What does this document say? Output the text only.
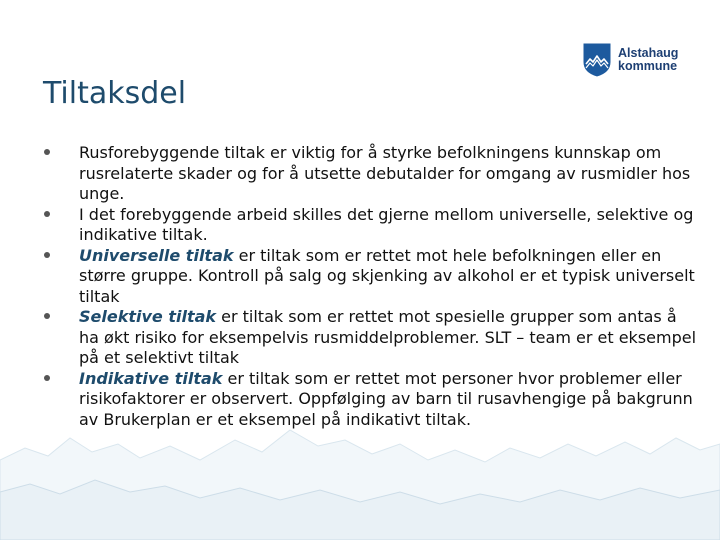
Alstahaug
kommune
Tiltaksdel
Rusforebyggende tiltak er viktig for å styrke befolkningens kunnskap om rusrelaterte skader og for å utsette debutalder for omgang av rusmidler hos unge.
I det forebyggende arbeid skilles det gjerne mellom universelle, selektive og indikative tiltak.
Universelle tiltak er tiltak som er rettet mot hele befolkningen eller en større gruppe. Kontroll på salg og skjenking av alkohol er et typisk universelt tiltak
Selektive tiltak er tiltak som er rettet mot spesielle grupper som antas å ha økt risiko for eksempelvis rusmiddelproblemer. SLT – team er et eksempel på et selektivt tiltak
Indikative tiltak er tiltak som er rettet mot personer hvor problemer eller risikofaktorer er observert. Oppfølging av barn til rusavhengige på bakgrunn av Brukerplan er et eksempel på indikativt tiltak.
